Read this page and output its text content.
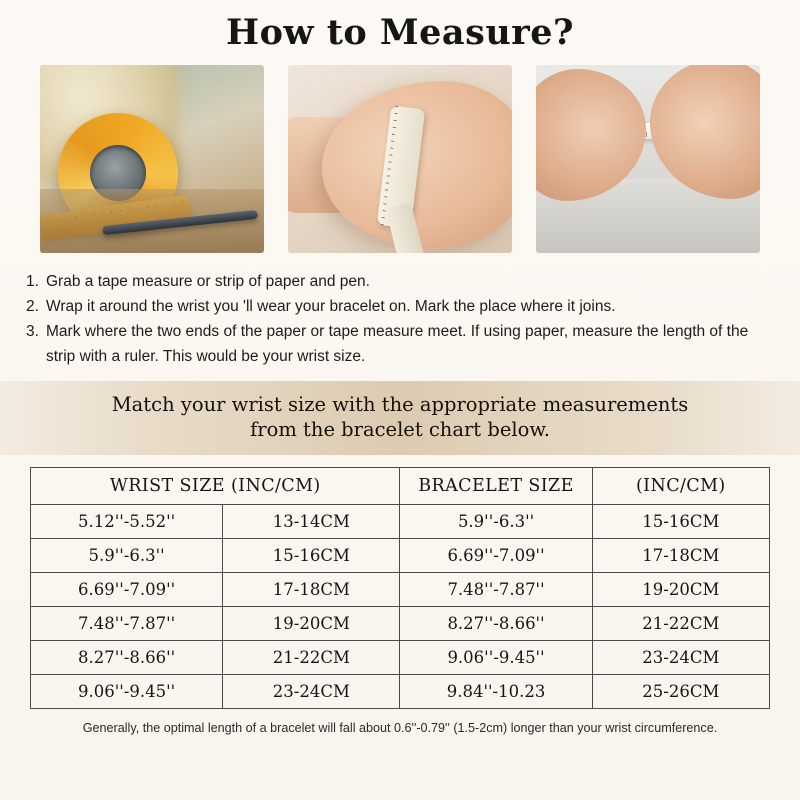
How to Measure?
1. Grab a tape measure or strip of paper and pen.
2. Wrap it around the wrist you 'll wear your bracelet on. Mark the place where it joins.
3. Mark where the two ends of the paper or tape measure meet. If using paper, measure the length of the strip with a ruler. This would be your wrist size.
Match your wrist size with the appropriate measurements
from the bracelet chart below.
WRIST SIZE (INC/CM)		BRACELET SIZE	(INC/CM)
5.12''-5.52''	13-14CM	5.9''-6.3''	15-16CM
5.9''-6.3''	15-16CM	6.69''-7.09''	17-18CM
6.69''-7.09''	17-18CM	7.48''-7.87''	19-20CM
7.48''-7.87''	19-20CM	8.27''-8.66''	21-22CM
8.27''-8.66''	21-22CM	9.06''-9.45''	23-24CM
9.06''-9.45''	23-24CM	9.84''-10.23	25-26CM
Generally, the optimal length of a bracelet will fall about 0.6''-0.79'' (1.5-2cm) longer than your wrist circumference.
